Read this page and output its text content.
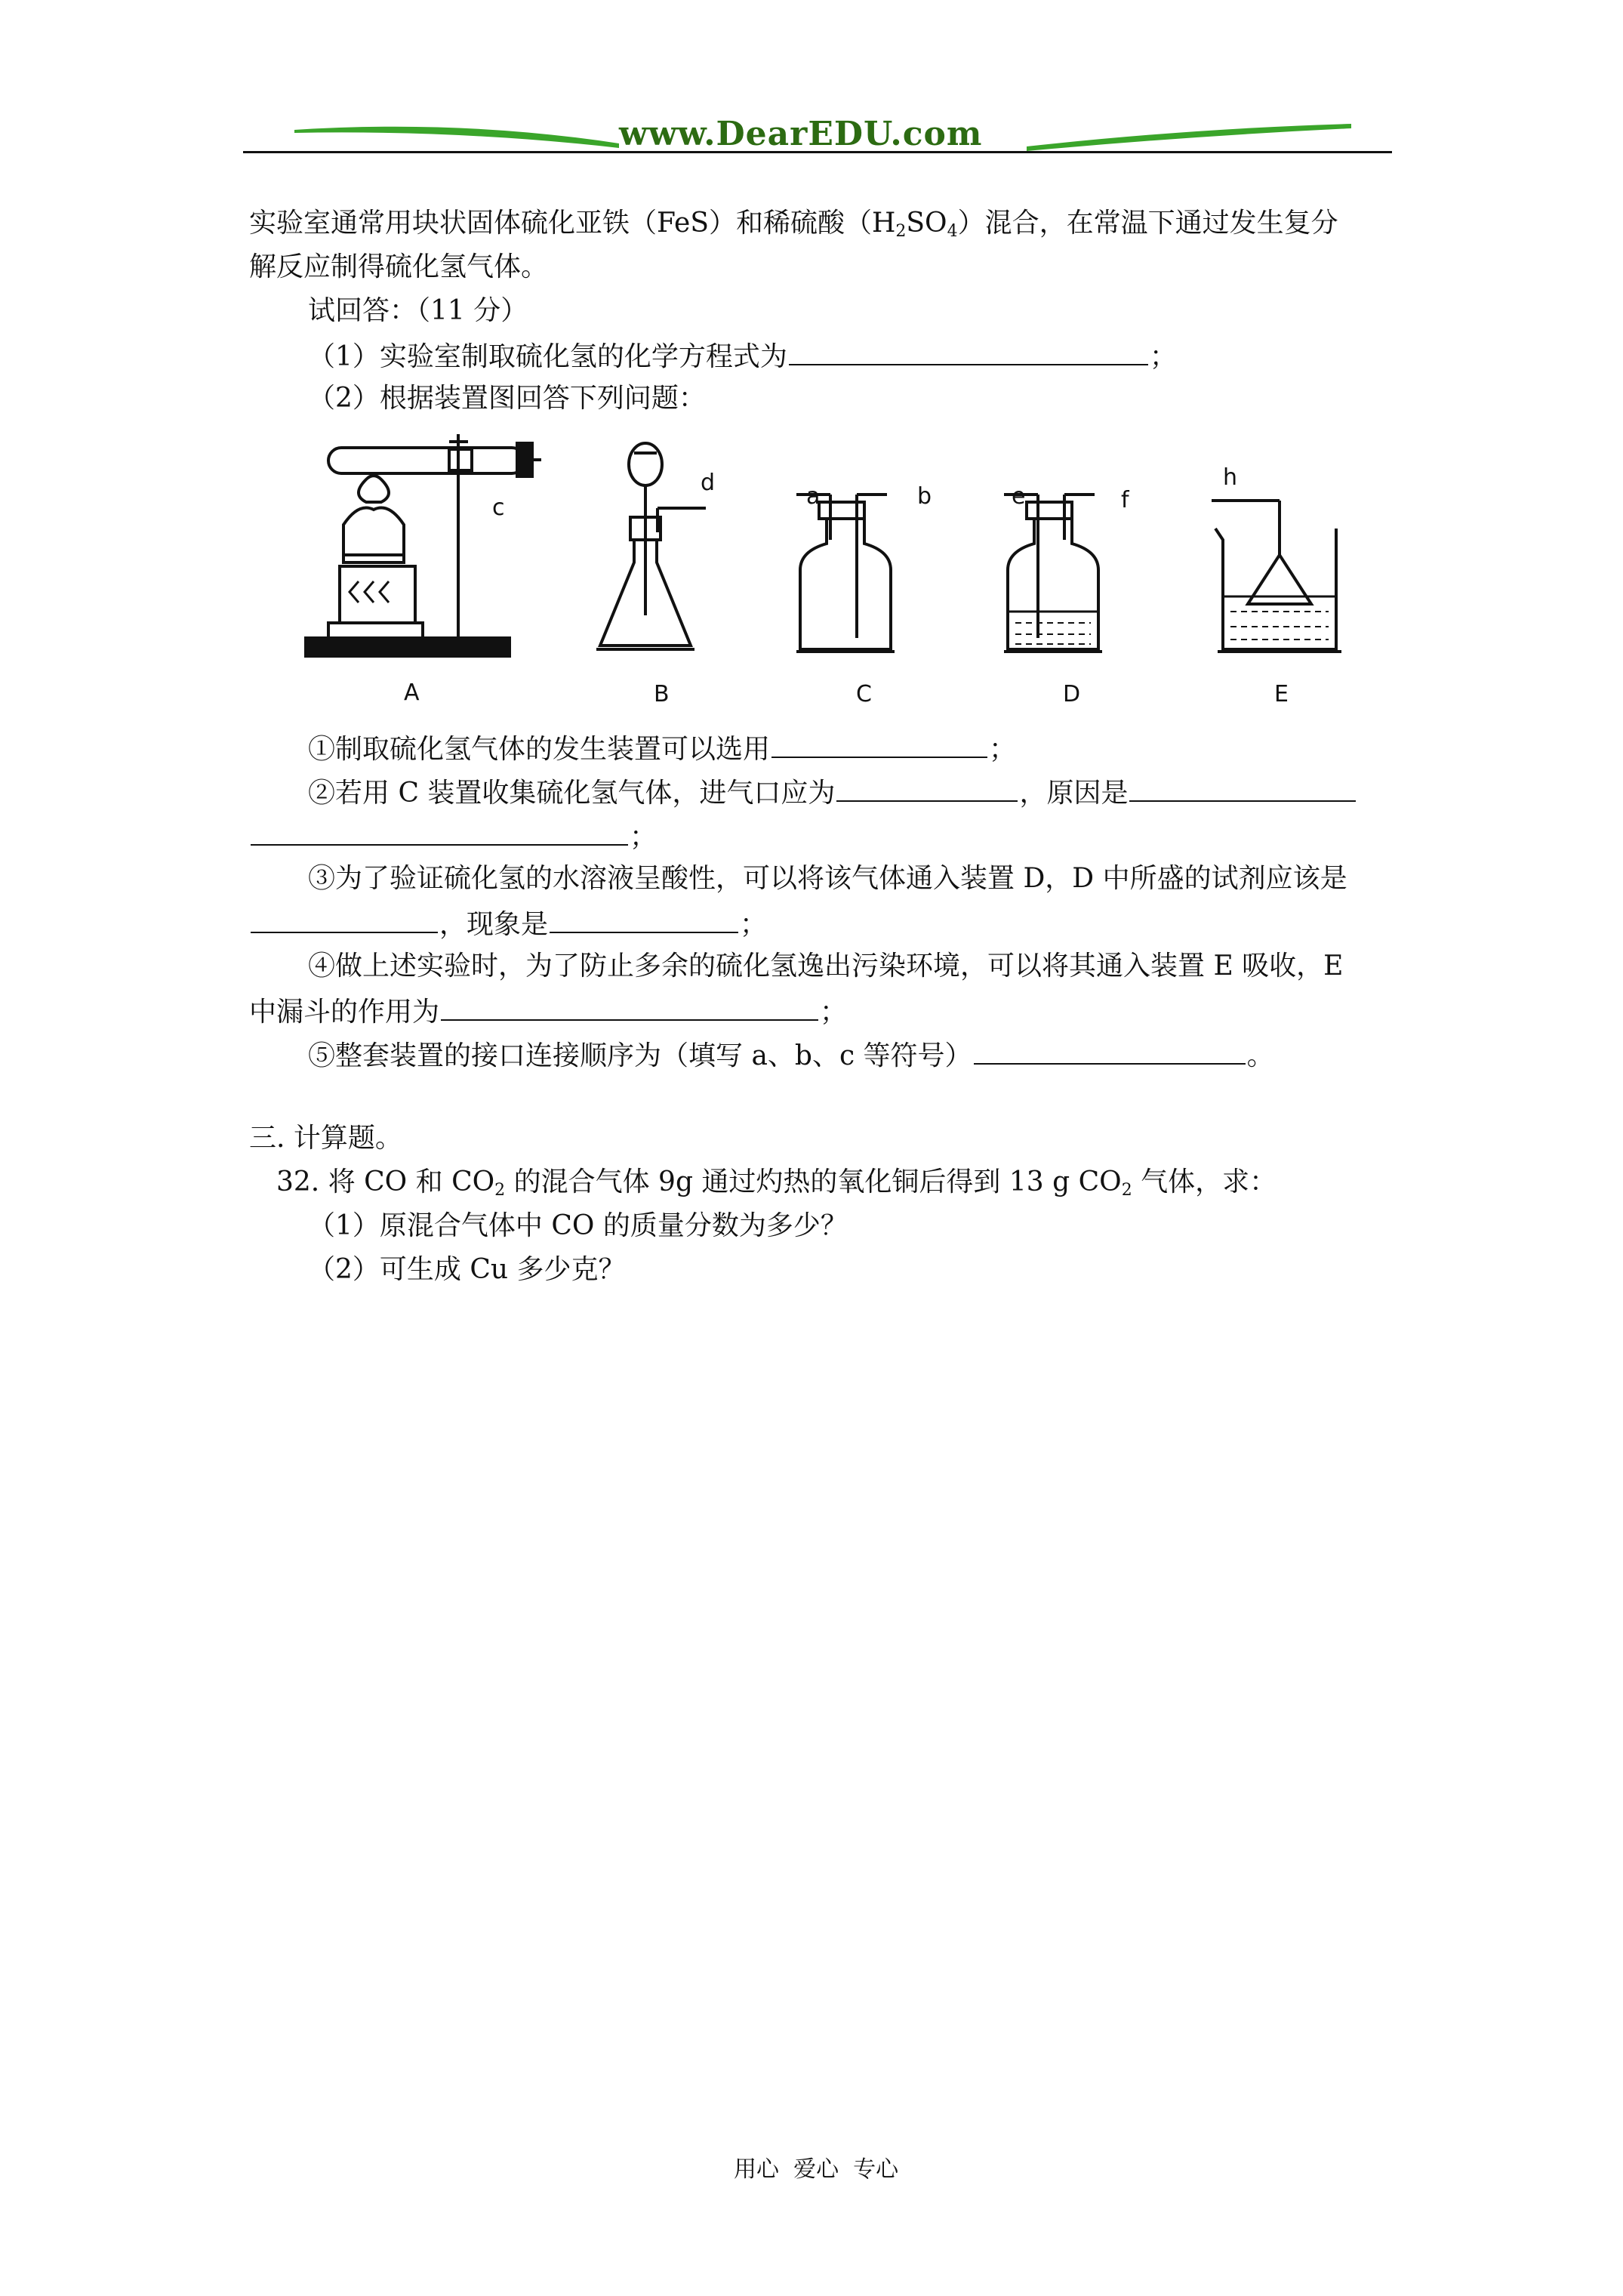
www.DearEDU.com
实验室通常用块状固体硫化亚铁（FeS）和稀硫酸$(H_2SO_4)$混合，在常温下通过发生复分
解反应制得硫化氢气体。
试回答：（11 分）
（1）实验室制取硫化氢的化学方程式为	；
（2）根据装置图回答下列问题：
c
d
a	b	e	f
h
A	B	C	D	E
①制取硫化氢气体的发生装置可以选用	；
②若用 C 装置收集硫化氢气体，进气口应为	，原因是
；
③为了验证硫化氢的水溶液呈酸性，可以将该气体通入装置 D，D 中所盛的试剂应该是
，现象是	；
④做上述实验时，为了防止多余的硫化氢逸出污染环境，可以将其通入装置 E 吸收，E
中漏斗的作用为	；
⑤整套装置的接口连接顺序为（填写 a、b、c 等符号）	。
三. 计算题。
32. 将 CO 和 $CO_2$ 的混合气体 9g 通过灼热的氧化铜后得到 13 g $CO_2$ 气体，求：
（1）原混合气体中 CO 的质量分数为多少？
（2）可生成 Cu 多少克？
用心  爱心  专心
